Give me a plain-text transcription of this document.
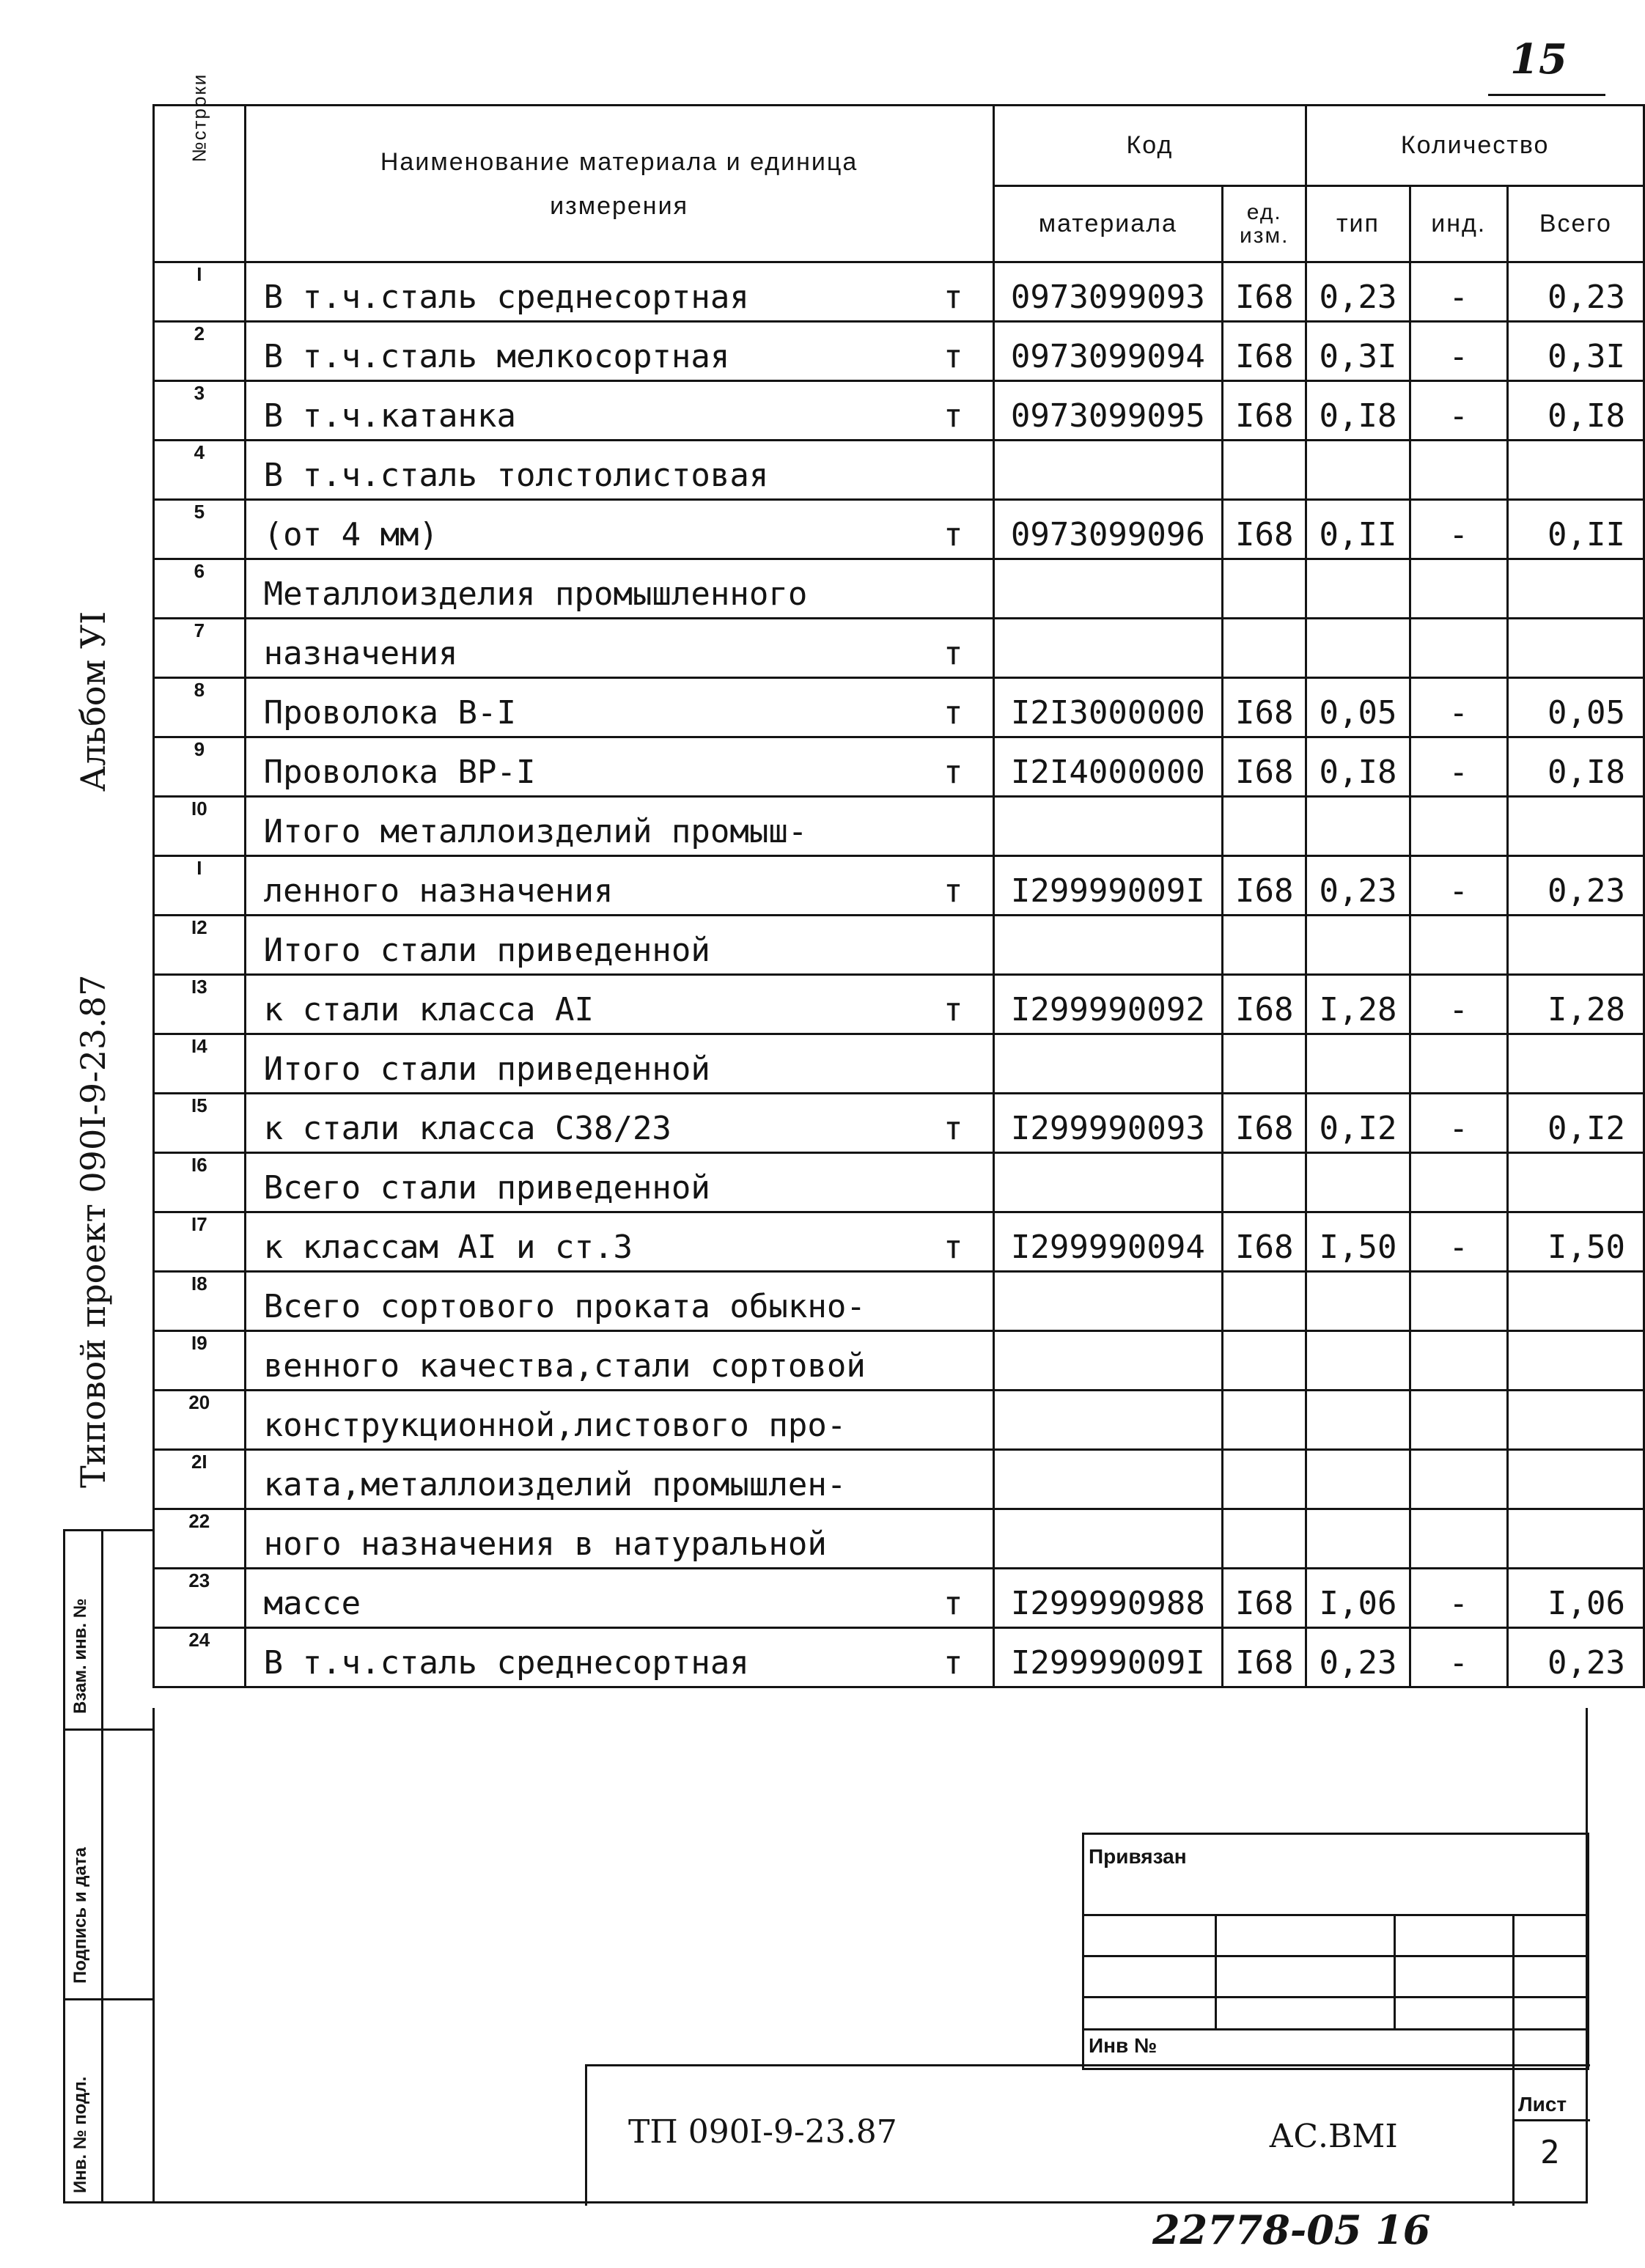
15
Альбом УІ
Типовой проект 090І-9-23.87
Взам. инв. №
Подпись и дата
Инв. № подл.
№строки	Наименование материала и единица измерения	Код		Количество		
		материала	ед. изм.	тип	инд.	Всего
І	В т.ч.сталь среднесортная т	0973099093	І68	0,23	-	0,23

2	В т.ч.сталь мелкосортная т	0973099094	І68	0,3І	-	0,3І

3	В т.ч.катанка т	0973099095	І68	0,І8	-	0,І8

4	В т.ч.сталь толстолистовая					

5	(от 4 мм) т	0973099096	І68	0,ІІ	-	0,ІІ

6	Металлоизделия промышленного					

7	назначения т					

8	Проволока В-І т	І2І3000000	І68	0,05	-	0,05

9	Проволока ВР-І т	І2І4000000	І68	0,І8	-	0,І8

І0	Итого металлоизделий промыш-					

І	ленного назначения т	І29999009І	І68	0,23	-	0,23

І2	Итого стали приведенной					

І3	к стали класса АІ т	І299990092	І68	І,28	-	І,28

І4	Итого стали приведенной					

І5	к стали класса С38/23 т	І299990093	І68	0,І2	-	0,І2

І6	Всего стали приведенной					

І7	к классам АІ и ст.3 т	І299990094	І68	І,50	-	І,50

І8	Всего сортового проката обыкно-					

І9	венного качества,стали сортовой					

20	конструкционной,листового про-					

2І	ката,металлоизделий промышлен-					

22	ного назначения в натуральной					

23	массе т	І299990988	І68	І,06	-	І,06

24	В т.ч.сталь среднесортная т	І29999009І	І68	0,23	-	0,23
Привязан
Инв №
ТП 090І-9-23.87	АС.ВМІ
Лист
2
22778-05 16
